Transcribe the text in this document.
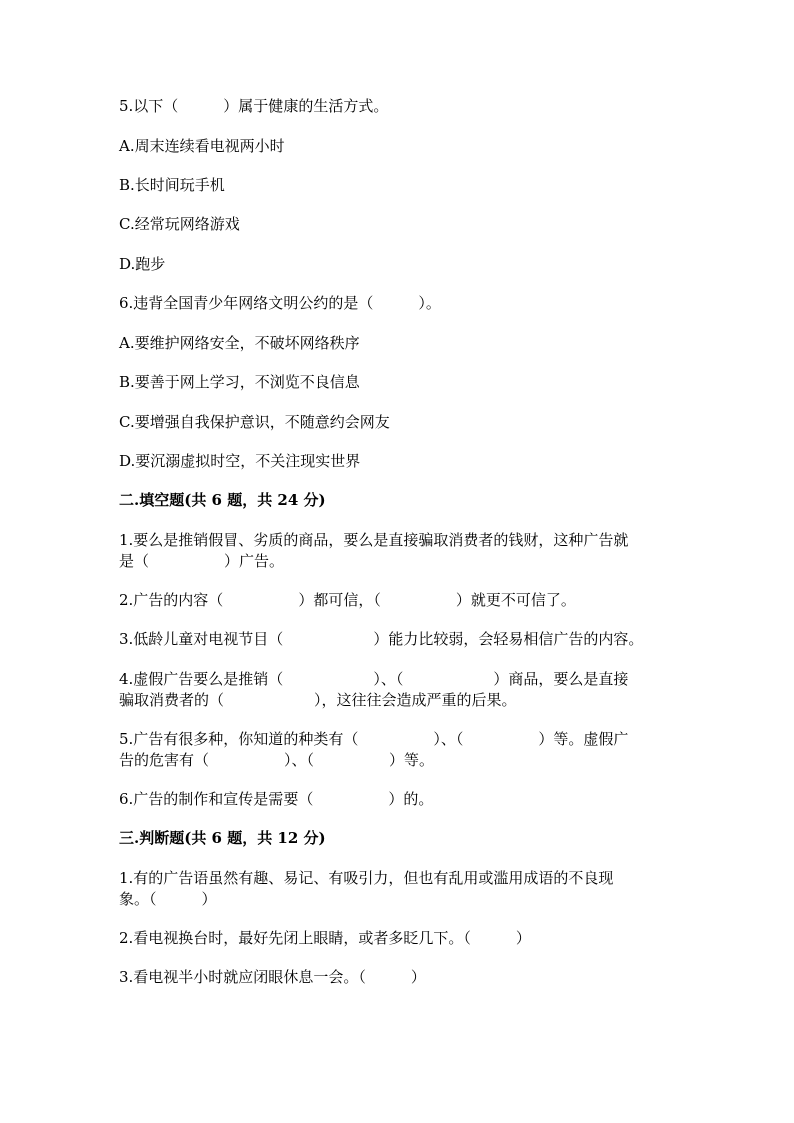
5.以下（　　　）属于健康的生活方式。
A.周末连续看电视两小时
B.长时间玩手机
C.经常玩网络游戏
D.跑步
6.违背全国青少年网络文明公约的是（　　　）。
A.要维护网络安全，不破坏网络秩序
B.要善于网上学习，不浏览不良信息
C.要增强自我保护意识，不随意约会网友
D.要沉溺虚拟时空，不关注现实世界
二.填空题(共 6 题，共 24 分)
1.要么是推销假冒、劣质的商品，要么是直接骗取消费者的钱财，这种广告就
是（　　　　　）广告。
2.广告的内容（　　　　　）都可信，（　　　　　）就更不可信了。
3.低龄儿童对电视节目（　　　　　　）能力比较弱，会轻易相信广告的内容。
4.虚假广告要么是推销（　　　　　　）、（　　　　　　）商品，要么是直接
骗取消费者的（　　　　　　），这往往会造成严重的后果。
5.广告有很多种，你知道的种类有（　　　　　）、（　　　　　）等。虚假广
告的危害有（　　　　　）、（　　　　　）等。
6.广告的制作和宣传是需要（　　　　　）的。
三.判断题(共 6 题，共 12 分)
1.有的广告语虽然有趣、易记、有吸引力，但也有乱用或滥用成语的不良现
象。（　　　）
2.看电视换台时，最好先闭上眼睛，或者多眨几下。（　　　）
3.看电视半小时就应闭眼休息一会。（　　　）
